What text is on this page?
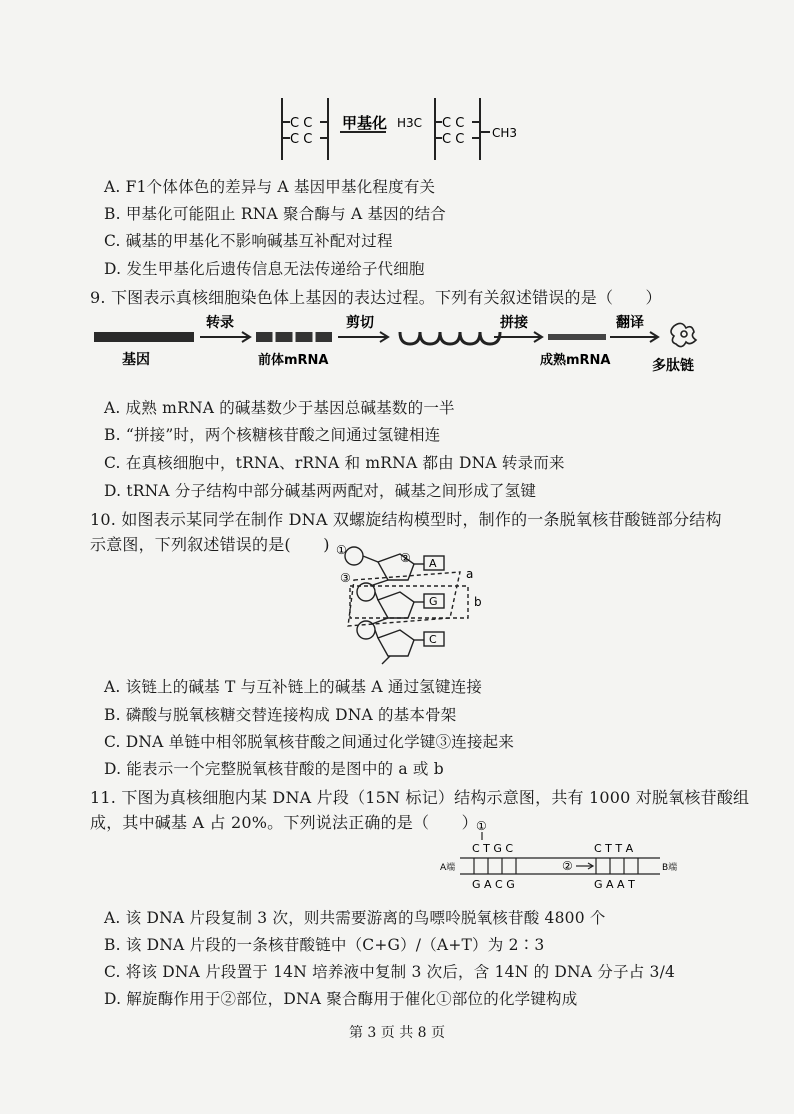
C C
C C
甲基化 H3C C C
C C CH3
A. F1个体体色的差异与 A 基因甲基化程度有关
B. 甲基化可能阻止 RNA 聚合酶与 A 基因的结合
C. 碱基的甲基化不影响碱基互补配对过程
D. 发生甲基化后遗传信息无法传递给子代细胞
9. 下图表示真核细胞染色体上基因的表达过程。下列有关叙述错误的是（　　）
转录	剪切	拼接	翻译
基因	前体mRNA	成熟mRNA	多肽链
A. 成熟 mRNA 的碱基数少于基因总碱基数的一半
B. “拼接”时，两个核糖核苷酸之间通过氢键相连
C. 在真核细胞中，tRNA、rRNA 和 mRNA 都由 DNA 转录而来
D. tRNA 分子结构中部分碱基两两配对，碱基之间形成了氢键
10. 如图表示某同学在制作 DNA 双螺旋结构模型时，制作的一条脱氧核苷酸链部分结构
示意图，下列叙述错误的是(　　) ①
②
③
A
G
C
a
b
A. 该链上的碱基 T 与互补链上的碱基 A 通过氢键连接
B. 磷酸与脱氧核糖交替连接构成 DNA 的基本骨架
C. DNA 单链中相邻脱氧核苷酸之间通过化学键③连接起来
D. 能表示一个完整脱氧核苷酸的是图中的 a 或 b
11. 下图为真核细胞内某 DNA 片段（15N 标记）结构示意图，共有 1000 对脱氧核苷酸组
成，其中碱基 A 占 20%。下列说法正确的是（　　）
①
C T G C	C T T A
②
A端	B端
G A C G	G A A T
A. 该 DNA 片段复制 3 次，则共需要游离的鸟嘌呤脱氧核苷酸 4800 个
B. 该 DNA 片段的一条核苷酸链中（C+G）/（A+T）为 2∶3
C. 将该 DNA 片段置于 14N 培养液中复制 3 次后，含 14N 的 DNA 分子占 3/4
D. 解旋酶作用于②部位，DNA 聚合酶用于催化①部位的化学键构成
第 3 页 共 8 页
